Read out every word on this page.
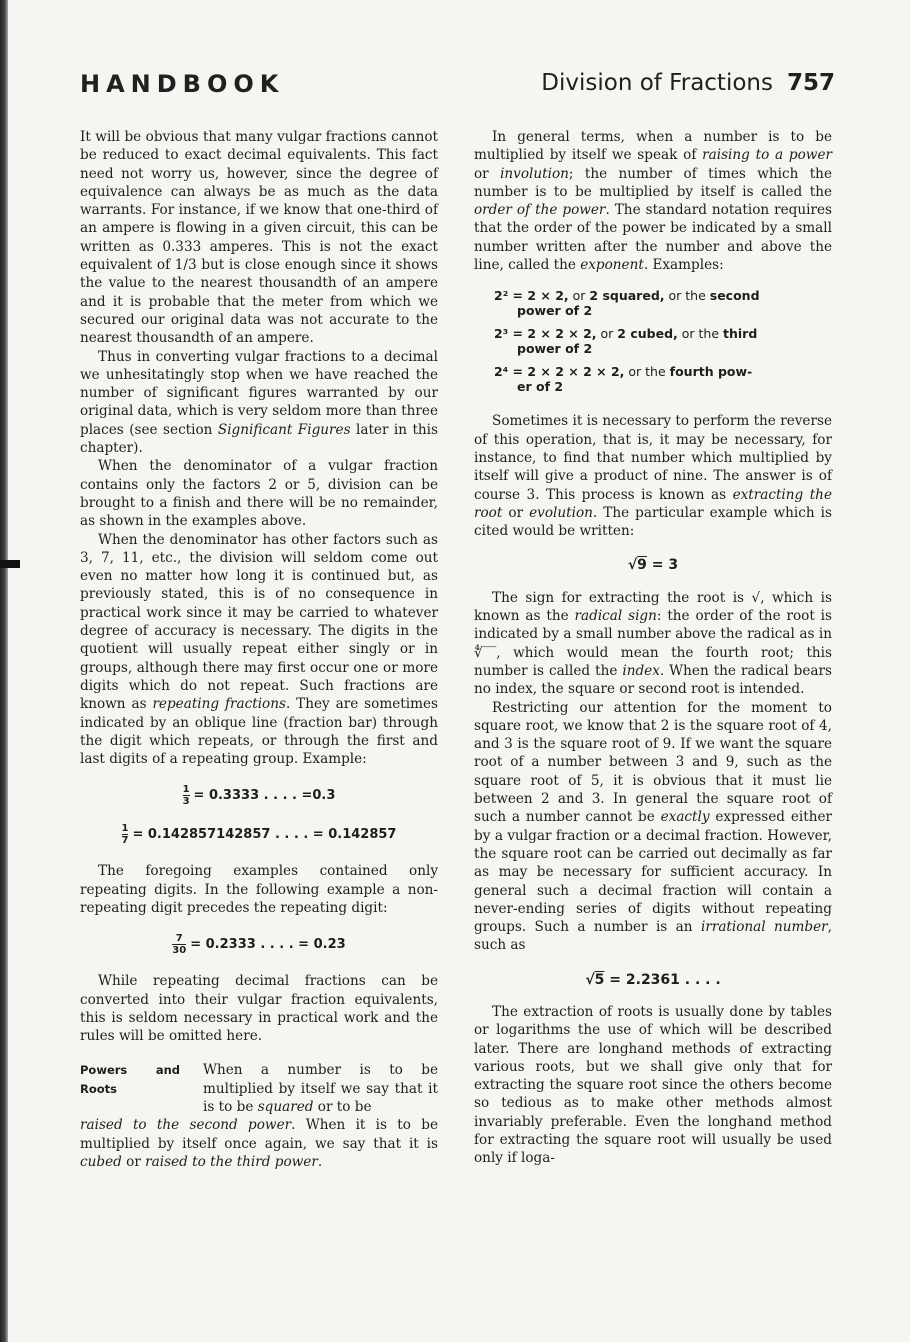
HANDBOOK	Division of Fractions 757

It will be obvious that many vulgar fractions cannot be reduced to exact decimal equivalents. This fact need not worry us, however, since the degree of equivalence can always be as much as the data warrants. For instance, if we know that one-third of an ampere is flowing in a given circuit, this can be written as 0.333 amperes. This is not the exact equivalent of 1/3 but is close enough since it shows the value to the nearest thousandth of an ampere and it is probable that the meter from which we secured our original data was not accurate to the nearest thousandth of an ampere.

Thus in converting vulgar fractions to a decimal we unhesitatingly stop when we have reached the number of significant figures warranted by our original data, which is very seldom more than three places (see section Significant Figures later in this chapter).

When the denominator of a vulgar fraction contains only the factors 2 or 5, division can be brought to a finish and there will be no remainder, as shown in the examples above.

When the denominator has other factors such as 3, 7, 11, etc., the division will seldom come out even no matter how long it is continued but, as previously stated, this is of no consequence in practical work since it may be carried to whatever degree of accuracy is necessary. The digits in the quotient will usually repeat either singly or in groups, although there may first occur one or more digits which do not repeat. Such fractions are known as repeating fractions. They are sometimes indicated by an oblique line (fraction bar) through the digit which repeats, or through the first and last digits of a repeating group. Example:

$\frac{1}{3} = 0.3333$ . . . . =0.3
$\frac{1}{7} = 0.142857142857$ . . . . = 0.142857

The foregoing examples contained only repeating digits. In the following example a non-repeating digit precedes the repeating digit:

$\frac{7}{30} = 0.2333$ . . . . = 0.23

While repeating decimal fractions can be converted into their vulgar fraction equivalents, this is seldom necessary in practical work and the rules will be omitted here.

Powers and Roots
When a number is to be multiplied by itself we say that it is to be squared or to be

raised to the second power. When it is to be multiplied by itself once again, we say that it is cubed or raised to the third power.

In general terms, when a number is to be multiplied by itself we speak of raising to a power or involution; the number of times which the number is to be multiplied by itself is called the order of the power. The standard notation requires that the order of the power be indicated by a small number written after the number and above the line, called the exponent. Examples:

2² = 2 × 2, or 2 squared, or the second
power of 2
2³ = 2 × 2 × 2, or 2 cubed, or the third
power of 2
2⁴ = 2 × 2 × 2 × 2, or the fourth pow-
er of 2

Sometimes it is necessary to perform the reverse of this operation, that is, it may be necessary, for instance, to find that number which multiplied by itself will give a product of nine. The answer is of course 3. This process is known as extracting the root or evolution. The particular example which is cited would be written:

√9 = 3

The sign for extracting the root is √, which is known as the radical sign: the order of the root is indicated by a small number above the radical as in ∜‾‾, which would mean the fourth root; this number is called the index. When the radical bears no index, the square or second root is intended.

Restricting our attention for the moment to square root, we know that 2 is the square root of 4, and 3 is the square root of 9. If we want the square root of a number between 3 and 9, such as the square root of 5, it is obvious that it must lie between 2 and 3. In general the square root of such a number cannot be exactly expressed either by a vulgar fraction or a decimal fraction. However, the square root can be carried out decimally as far as may be necessary for sufficient accuracy. In general such a decimal fraction will contain a never-ending series of digits without repeating groups. Such a number is an irrational number, such as

√5 = 2.2361 . . . .

The extraction of roots is usually done by tables or logarithms the use of which will be described later. There are longhand methods of extracting various roots, but we shall give only that for extracting the square root since the others become so tedious as to make other methods almost invariably preferable. Even the longhand method for extracting the square root will usually be used only if loga-
